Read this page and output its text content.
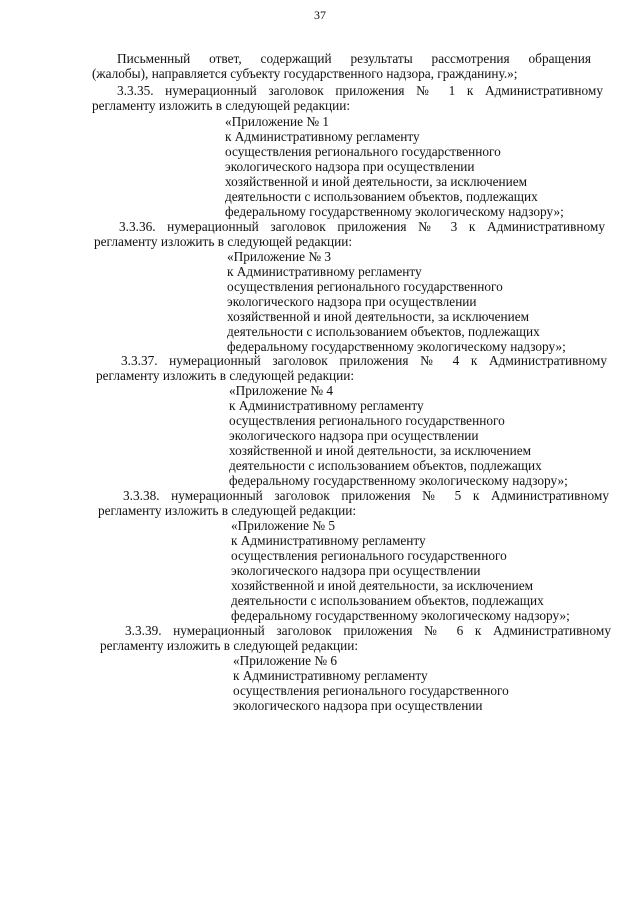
37
Письменный ответ, содержащий результаты рассмотрения обращения
(жалобы), направляется субъекту государственного надзора, гражданину.»;
3.3.35. нумерационный заголовок приложения № 1 к Административному
регламенту изложить в следующей редакции:
«Приложение № 1
к Административному регламенту
осуществления регионального государственного
экологического надзора при осуществлении
хозяйственной и иной деятельности, за исключением
деятельности с использованием объектов, подлежащих
федеральному государственному экологическому надзору»;
3.3.36. нумерационный заголовок приложения № 3 к Административному
регламенту изложить в следующей редакции:
«Приложение № 3
к Административному регламенту
осуществления регионального государственного
экологического надзора при осуществлении
хозяйственной и иной деятельности, за исключением
деятельности с использованием объектов, подлежащих
федеральному государственному экологическому надзору»;
3.3.37. нумерационный заголовок приложения № 4 к Административному
регламенту изложить в следующей редакции:
«Приложение № 4
к Административному регламенту
осуществления регионального государственного
экологического надзора при осуществлении
хозяйственной и иной деятельности, за исключением
деятельности с использованием объектов, подлежащих
федеральному государственному экологическому надзору»;
3.3.38. нумерационный заголовок приложения № 5 к Административному
регламенту изложить в следующей редакции:
«Приложение № 5
к Административному регламенту
осуществления регионального государственного
экологического надзора при осуществлении
хозяйственной и иной деятельности, за исключением
деятельности с использованием объектов, подлежащих
федеральному государственному экологическому надзору»;
3.3.39. нумерационный заголовок приложения № 6 к Административному
регламенту изложить в следующей редакции:
«Приложение № 6
к Административному регламенту
осуществления регионального государственного
экологического надзора при осуществлении
